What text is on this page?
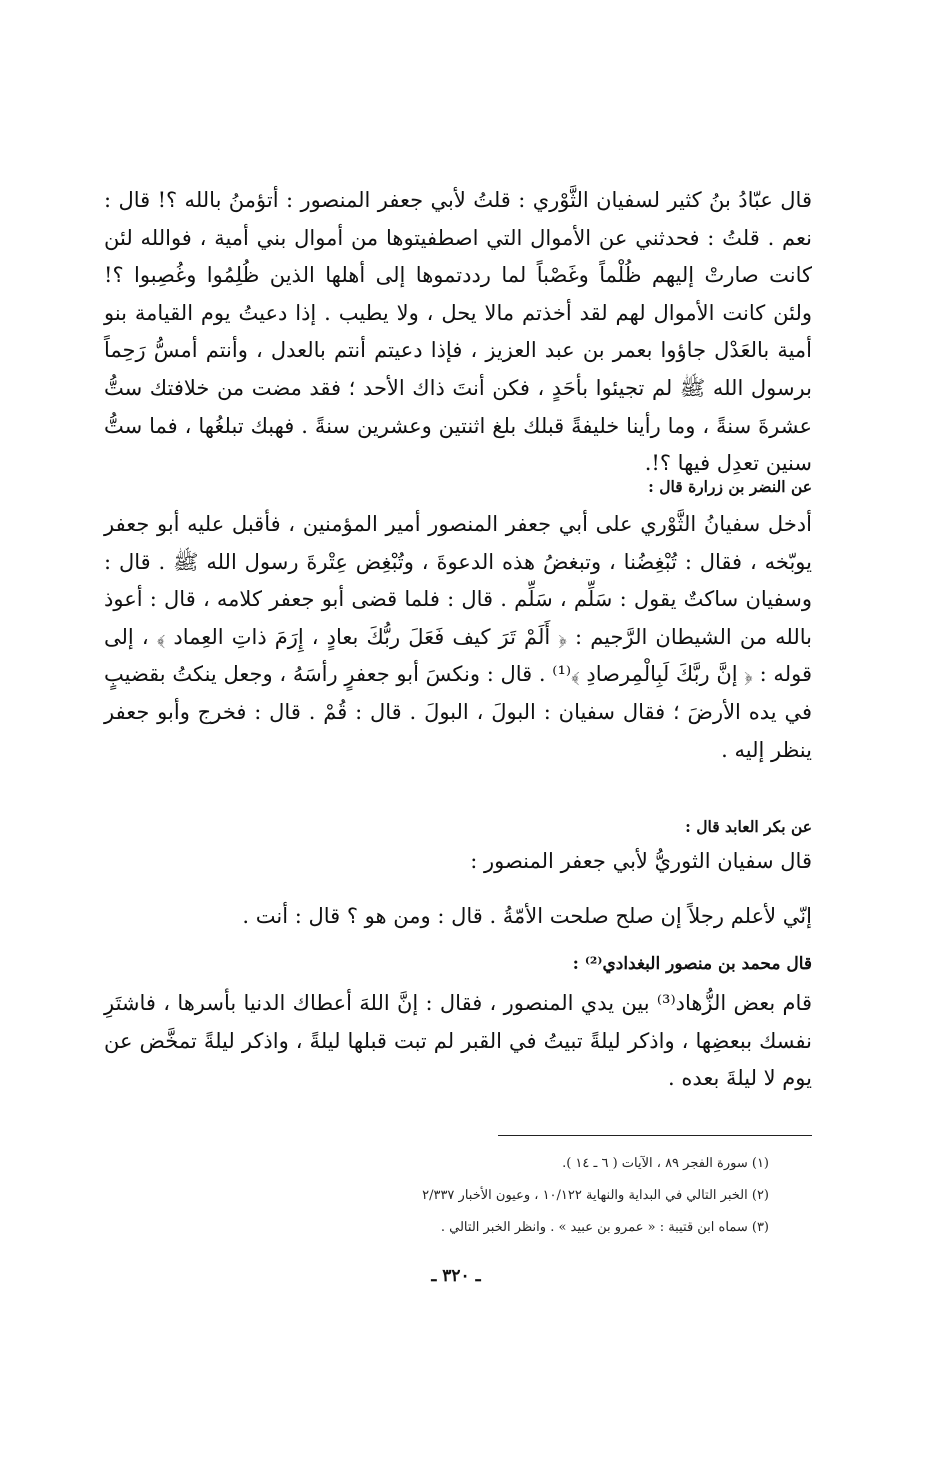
قال عبّادُ بنُ كثير لسفيان الثَّوْري : قلتُ لأبي جعفر المنصور : أتؤمنُ بالله ؟! قال : نعم . قلتُ : فحدثني عن الأموال التي اصطفيتوها من أموال بني أمية ، فوالله لئن كانت صارتْ إليهم ظُلْماً وغَصْباً لما رددتموها إلى أهلها الذين ظُلِمُوا وغُصِبوا ؟! ولئن كانت الأموال لهم لقد أخذتم مالا يحل ، ولا يطيب . إذا دعيتُ يوم القيامة بنو أمية بالعَدْل جاؤوا بعمر بن عبد العزيز ، فإذا دعيتم أنتم بالعدل ، وأنتم أمسُّ رَحِماً برسول الله ﷺ لم تجيئوا بأحَدٍ ، فكن أنتَ ذاك الأحد ؛ فقد مضت من خلافتك ستُّ عشرةَ سنةً ، وما رأينا خليفةً قبلك بلغ اثنتين وعشرين سنةً . فهبك تبلغُها ، فما ستُّ سنين تعدِل فيها ؟!.

عن النضر بن زرارة قال :

أدخل سفيانُ الثَّوْري على أبي جعفر المنصور أمير المؤمنين ، فأقبل عليه أبو جعفر يوبّخه ، فقال : تُبْغِضُنا ، وتبغضُ هذه الدعوةَ ، وتُبْغِض عِتْرةَ رسول الله ﷺ . قال : وسفيان ساكتٌ يقول : سَلِّم ، سَلِّم . قال : فلما قضى أبو جعفر كلامه ، قال : أعوذ بالله من الشيطان الرَّجيم : ﴿ أَلَمْ تَرَ كيف فَعَلَ ربُّكَ بعادٍ ، إِرَمَ ذاتِ العِماد ﴾ ، إلى قوله : ﴿ إنَّ ربَّكَ لَبِالْمِرصادِ ﴾⁽¹⁾ . قال : ونكسَ أبو جعفرٍ رأسَهُ ، وجعل ينكتُ بقضيبٍ في يده الأرضَ ؛ فقال سفيان : البولَ ، البولَ . قال : قُمْ . قال : فخرج وأبو جعفر ينظر إليه .

عن بكر العابد قال :

قال سفيان الثوريُّ لأبي جعفر المنصور :

إنّي لأعلم رجلاً إن صلح صلحت الأمّةُ . قال : ومن هو ؟ قال : أنت .

قال محمد بن منصور البغدادي⁽²⁾ :

قام بعض الزُّهاد⁽³⁾ بين يدي المنصور ، فقال : إنَّ اللهَ أعطاك الدنيا بأسرها ، فاشتَرِ نفسك ببعضِها ، واذكر ليلةً تبيتُ في القبر لم تبت قبلها ليلةً ، واذكر ليلةً تمخَّض عن يوم لا ليلةَ بعده .

(١) سورة الفجر ٨٩ ، الآيات ( ٦ ـ ١٤ ).

(٢) الخبر التالي في البداية والنهاية ١٠/١٢٢ ، وعيون الأخبار ٢/٣٣٧

(٣) سماه ابن قتيبة : « عمرو بن عبيد » . وانظر الخبر التالي .

ـ ٣٢٠ ـ
